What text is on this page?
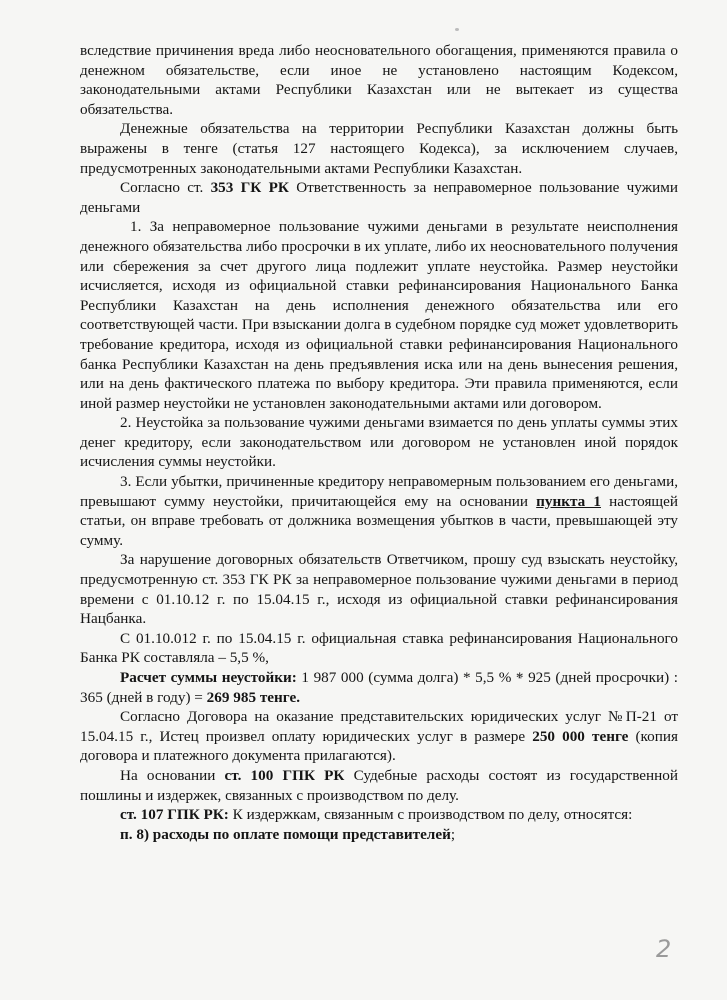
вследствие причинения вреда либо неосновательного обогащения, применяются правила о денежном обязательстве, если иное не установлено настоящим Кодексом, законодательными актами Республики Казахстан или не вытекает из существа обязательства.

Денежные обязательства на территории Республики Казахстан должны быть выражены в тенге (статья 127 настоящего Кодекса), за исключением случаев, предусмотренных законодательными актами Республики Казахстан.

Согласно ст. 353 ГК РК Ответственность за неправомерное пользование чужими деньгами

1. За неправомерное пользование чужими деньгами в результате неисполнения денежного обязательства либо просрочки в их уплате, либо их неосновательного получения или сбережения за счет другого лица подлежит уплате неустойка. Размер неустойки исчисляется, исходя из официальной ставки рефинансирования Национального Банка Республики Казахстан на день исполнения денежного обязательства или его соответствующей части. При взыскании долга в судебном порядке суд может удовлетворить требование кредитора, исходя из официальной ставки рефинансирования Национального банка Республики Казахстан на день предъявления иска или на день вынесения решения, или на день фактического платежа по выбору кредитора. Эти правила применяются, если иной размер неустойки не установлен законодательными актами или договором.

2. Неустойка за пользование чужими деньгами взимается по день уплаты суммы этих денег кредитору, если законодательством или договором не установлен иной порядок исчисления суммы неустойки.

3. Если убытки, причиненные кредитору неправомерным пользованием его деньгами, превышают сумму неустойки, причитающейся ему на основании пункта 1 настоящей статьи, он вправе требовать от должника возмещения убытков в части, превышающей эту сумму.

За нарушение договорных обязательств Ответчиком, прошу суд взыскать неустойку, предусмотренную ст. 353 ГК РК за неправомерное пользование чужими деньгами в период времени с 01.10.12 г. по 15.04.15 г., исходя из официальной ставки рефинансирования Нацбанка.

С 01.10.012 г. по 15.04.15 г. официальная ставка рефинансирования Национального Банка РК составляла – 5,5 %,

Расчет суммы неустойки: 1 987 000 (сумма долга) * 5,5 % * 925 (дней просрочки) : 365 (дней в году) = 269 985 тенге.

Согласно Договора на оказание представительских юридических услуг №П-21 от 15.04.15 г., Истец произвел оплату юридических услуг в размере 250 000 тенге (копия договора и платежного документа прилагаются).

На основании ст. 100 ГПК РК Судебные расходы состоят из государственной пошлины и издержек, связанных с производством по делу.

ст. 107 ГПК РК: К издержкам, связанным с производством по делу, относятся:

п. 8) расходы по оплате помощи представителей;

2
